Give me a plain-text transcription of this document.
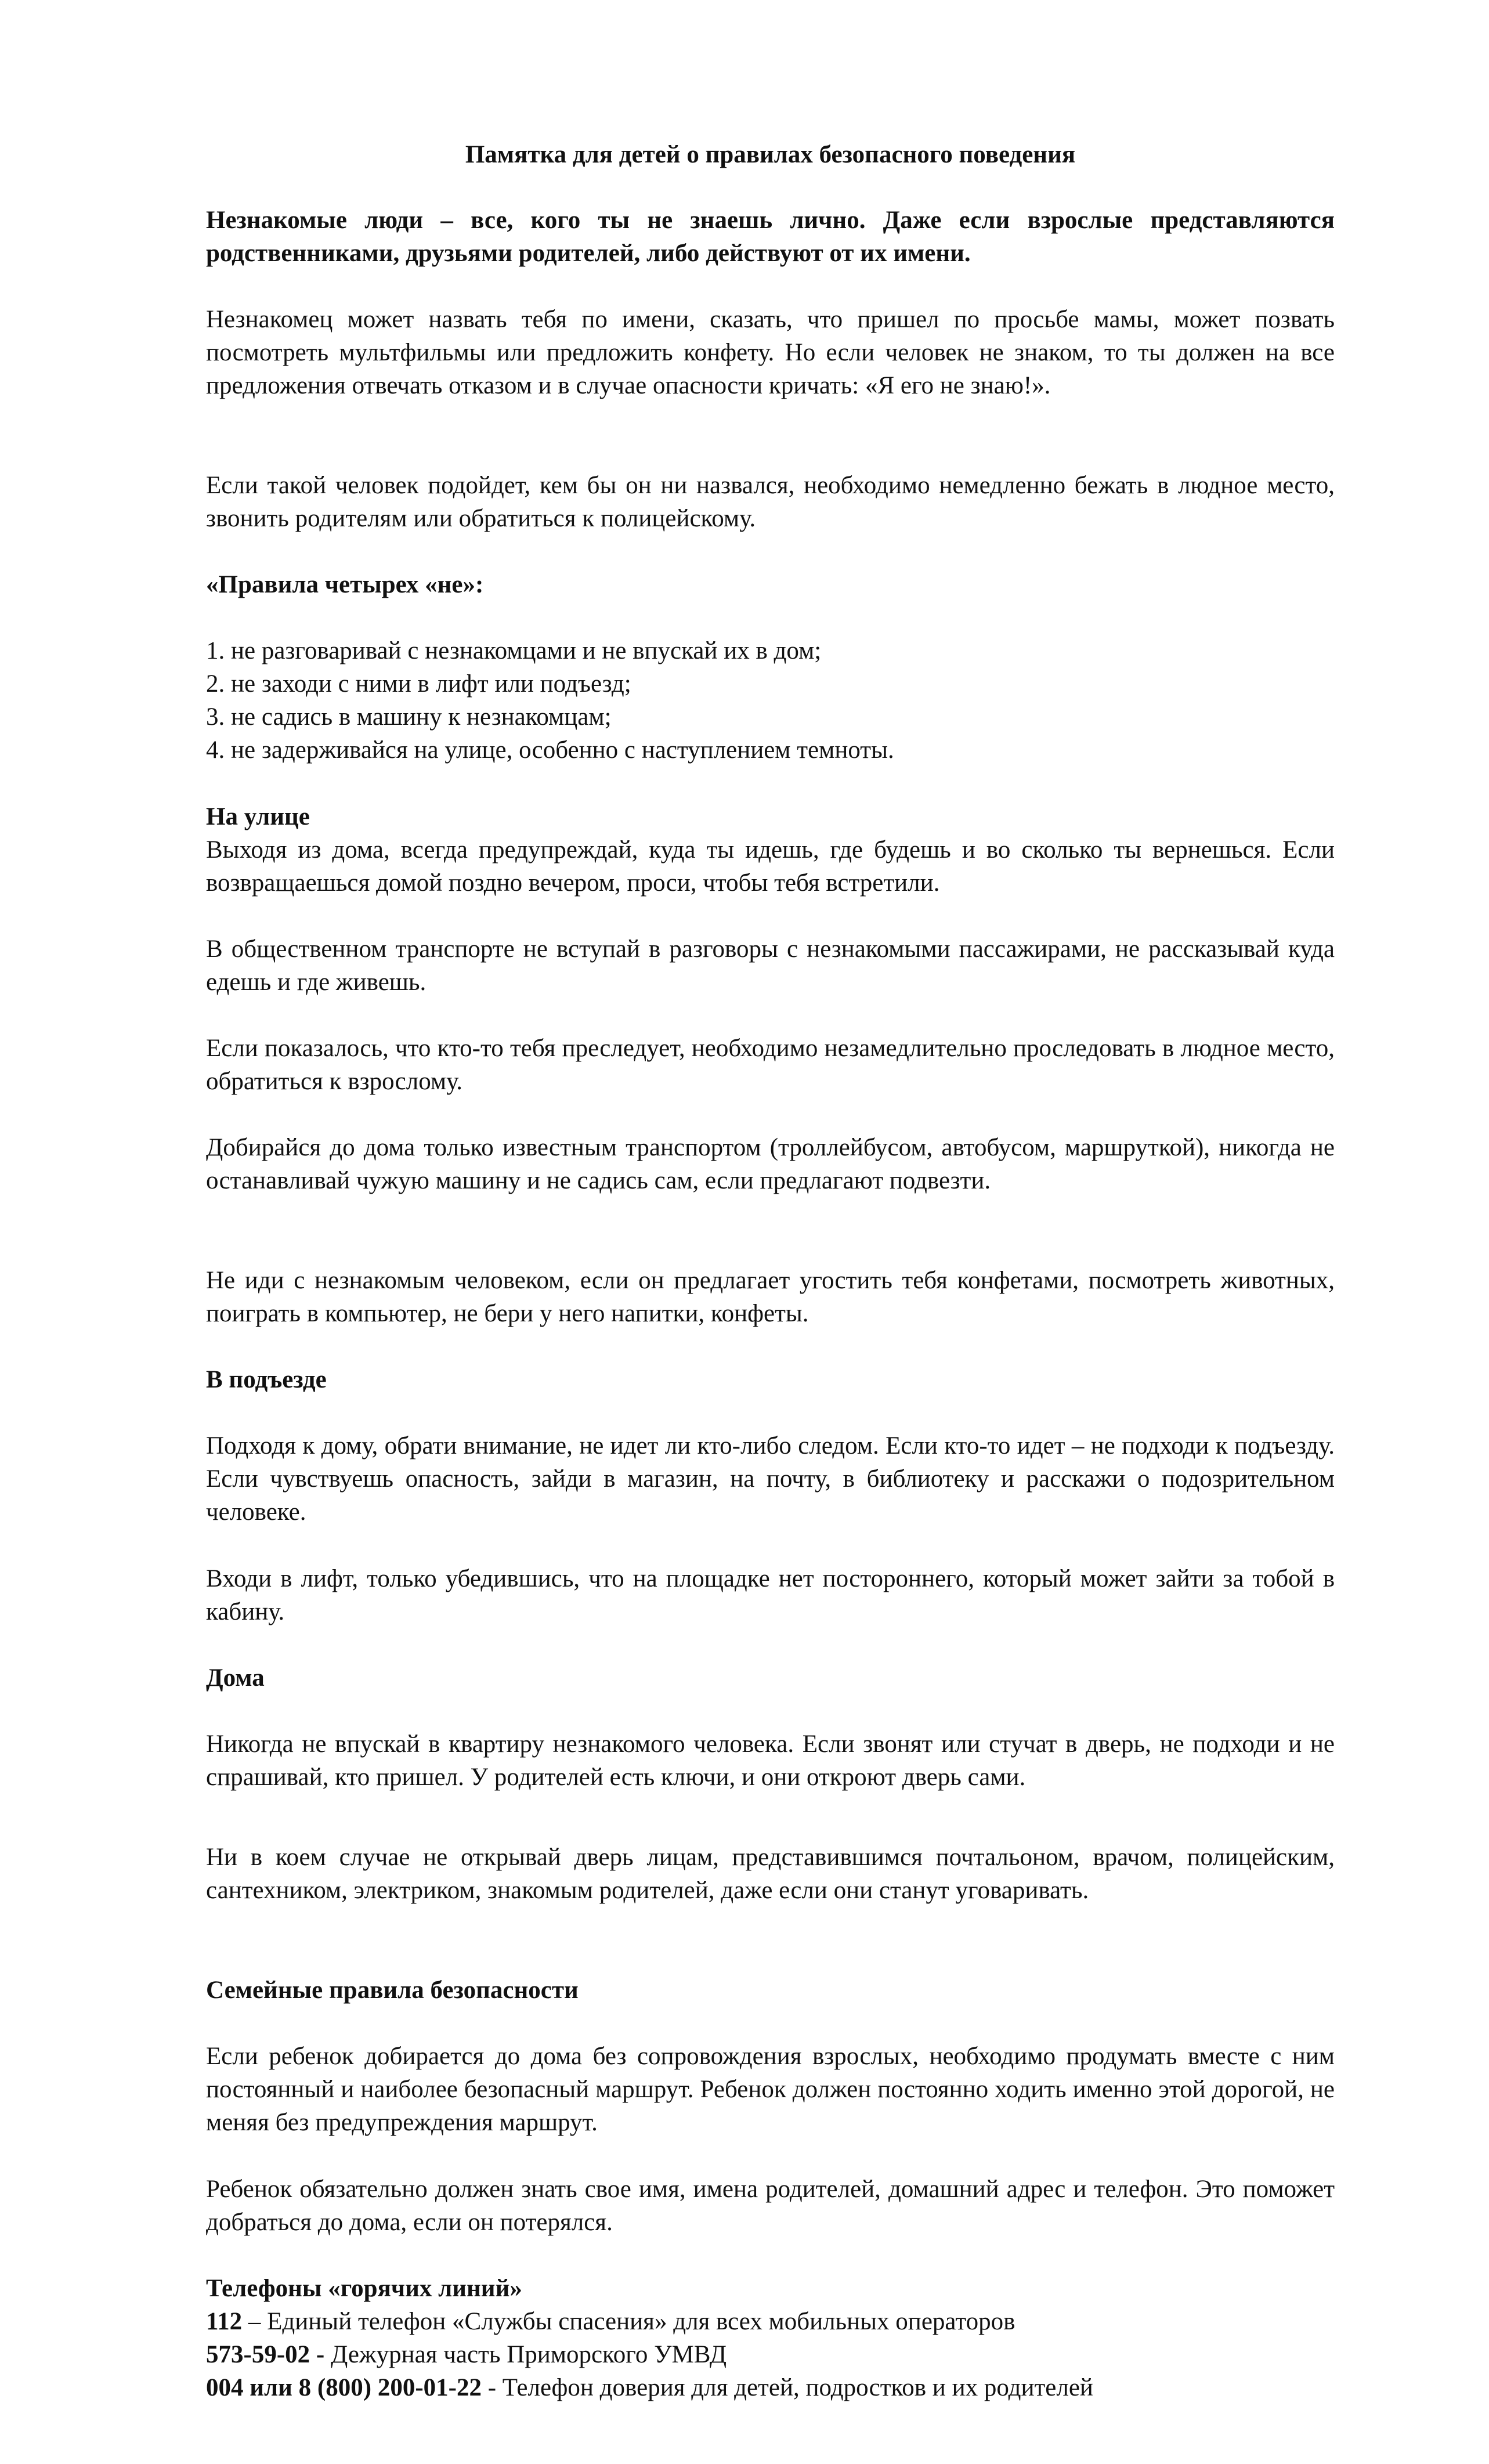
Памятка для детей о правилах безопасного поведения

Незнакомые люди – все, кого ты не знаешь лично. Даже если взрослые представляются родственниками, друзьями родителей, либо действуют от их имени.

Незнакомец может назвать тебя по имени, сказать, что пришел по просьбе мамы, может позвать посмотреть мультфильмы или предложить конфету. Но если человек не знаком, то ты должен на все предложения отвечать отказом и в случае опасности кричать: «Я его не знаю!».

Если такой человек подойдет, кем бы он ни назвался, необходимо немедленно бежать в людное место, звонить родителям или обратиться к полицейскому.

«Правила четырех «не»:

1. не разговаривай с незнакомцами и не впускай их в дом;
2. не заходи с ними в лифт или подъезд;
3. не садись в машину к незнакомцам;
4. не задерживайся на улице, особенно с наступлением темноты.

На улице

Выходя из дома, всегда предупреждай, куда ты идешь, где будешь и во сколько ты вернешься. Если возвращаешься домой поздно вечером, проси, чтобы тебя встретили.

В общественном транспорте не вступай в разговоры с незнакомыми пассажирами, не рассказывай куда едешь и где живешь.

Если показалось, что кто-то тебя преследует, необходимо незамедлительно проследовать в людное место, обратиться к взрослому.

Добирайся до дома только известным транспортом (троллейбусом, автобусом, маршруткой), никогда не останавливай чужую машину и не садись сам, если предлагают подвезти.

Не иди с незнакомым человеком, если он предлагает угостить тебя конфетами, посмотреть животных, поиграть в компьютер, не бери у него напитки, конфеты.

В подъезде

Подходя к дому, обрати внимание, не идет ли кто-либо следом. Если кто-то идет – не подходи к подъезду. Если чувствуешь опасность, зайди в магазин, на почту, в библиотеку и расскажи о подозрительном человеке.

Входи в лифт, только убедившись, что на площадке нет постороннего, который может зайти за тобой в кабину.

Дома

Никогда не впускай в квартиру незнакомого человека. Если звонят или стучат в дверь, не подходи и не спрашивай, кто пришел. У родителей есть ключи, и они откроют дверь сами.

Ни в коем случае не открывай дверь лицам, представившимся почтальоном, врачом, полицейским, сантехником, электриком, знакомым родителей, даже если они станут уговаривать.

Семейные правила безопасности

Если ребенок добирается до дома без сопровождения взрослых, необходимо продумать вместе с ним постоянный и наиболее безопасный маршрут. Ребенок должен постоянно ходить именно этой дорогой, не меняя без предупреждения маршрут.

Ребенок обязательно должен знать свое имя, имена родителей, домашний адрес и телефон. Это поможет добраться до дома, если он потерялся.

Телефоны «горячих линий»

112 – Единый телефон «Службы спасения» для всех мобильных операторов
573-59-02 - Дежурная часть Приморского УМВД
004 или 8 (800) 200-01-22 - Телефон доверия для детей, подростков и их родителей
